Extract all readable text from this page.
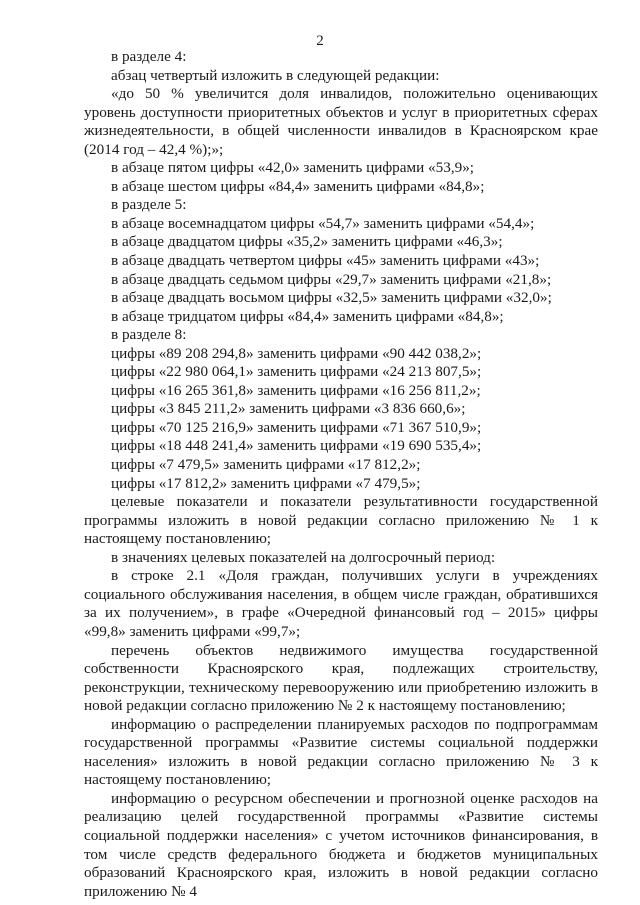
2

в разделе 4:

абзац четвертый изложить в следующей редакции:

«до 50 % увеличится доля инвалидов, положительно оценивающих уровень доступности приоритетных объектов и услуг в приоритетных сферах жизнедеятельности, в общей численности инвалидов в Красноярском крае (2014 год – 42,4 %);»;

в абзаце пятом цифры «42,0» заменить цифрами «53,9»;

в абзаце шестом цифры «84,4» заменить цифрами «84,8»;

в разделе 5:

в абзаце восемнадцатом цифры «54,7» заменить цифрами «54,4»;

в абзаце двадцатом цифры «35,2» заменить цифрами «46,3»;

в абзаце двадцать четвертом цифры «45» заменить цифрами «43»;

в абзаце двадцать седьмом цифры «29,7» заменить цифрами «21,8»;

в абзаце двадцать восьмом цифры «32,5» заменить цифрами «32,0»;

в абзаце тридцатом цифры «84,4» заменить цифрами «84,8»;

в разделе 8:

цифры «89 208 294,8» заменить цифрами «90 442 038,2»;

цифры «22 980 064,1» заменить цифрами «24 213 807,5»;

цифры «16 265 361,8» заменить цифрами «16 256 811,2»;

цифры «3 845 211,2» заменить цифрами «3 836 660,6»;

цифры «70 125 216,9» заменить цифрами «71 367 510,9»;

цифры «18 448 241,4» заменить цифрами «19 690 535,4»;

цифры «7 479,5» заменить цифрами «17 812,2»;

цифры «17 812,2» заменить цифрами «7 479,5»;

целевые показатели и показатели результативности государственной программы изложить в новой редакции согласно приложению № 1 к настоящему постановлению;

в значениях целевых показателей на долгосрочный период:

в строке 2.1 «Доля граждан, получивших услуги в учреждениях социального обслуживания населения, в общем числе граждан, обратившихся за их получением», в графе «Очередной финансовый год – 2015» цифры «99,8» заменить цифрами «99,7»;

перечень объектов недвижимого имущества государственной собственности Красноярского края, подлежащих строительству, реконструкции, техническому перевооружению или приобретению изложить в новой редакции согласно приложению № 2 к настоящему постановлению;

информацию о распределении планируемых расходов по подпрограммам государственной программы «Развитие системы социальной поддержки населения» изложить в новой редакции согласно приложению № 3 к настоящему постановлению;

информацию о ресурсном обеспечении и прогнозной оценке расходов на реализацию целей государственной программы «Развитие системы социальной поддержки населения» с учетом источников финансирования, в том числе средств федерального бюджета и бюджетов муниципальных образований Красноярского края, изложить в новой редакции согласно приложению № 4
